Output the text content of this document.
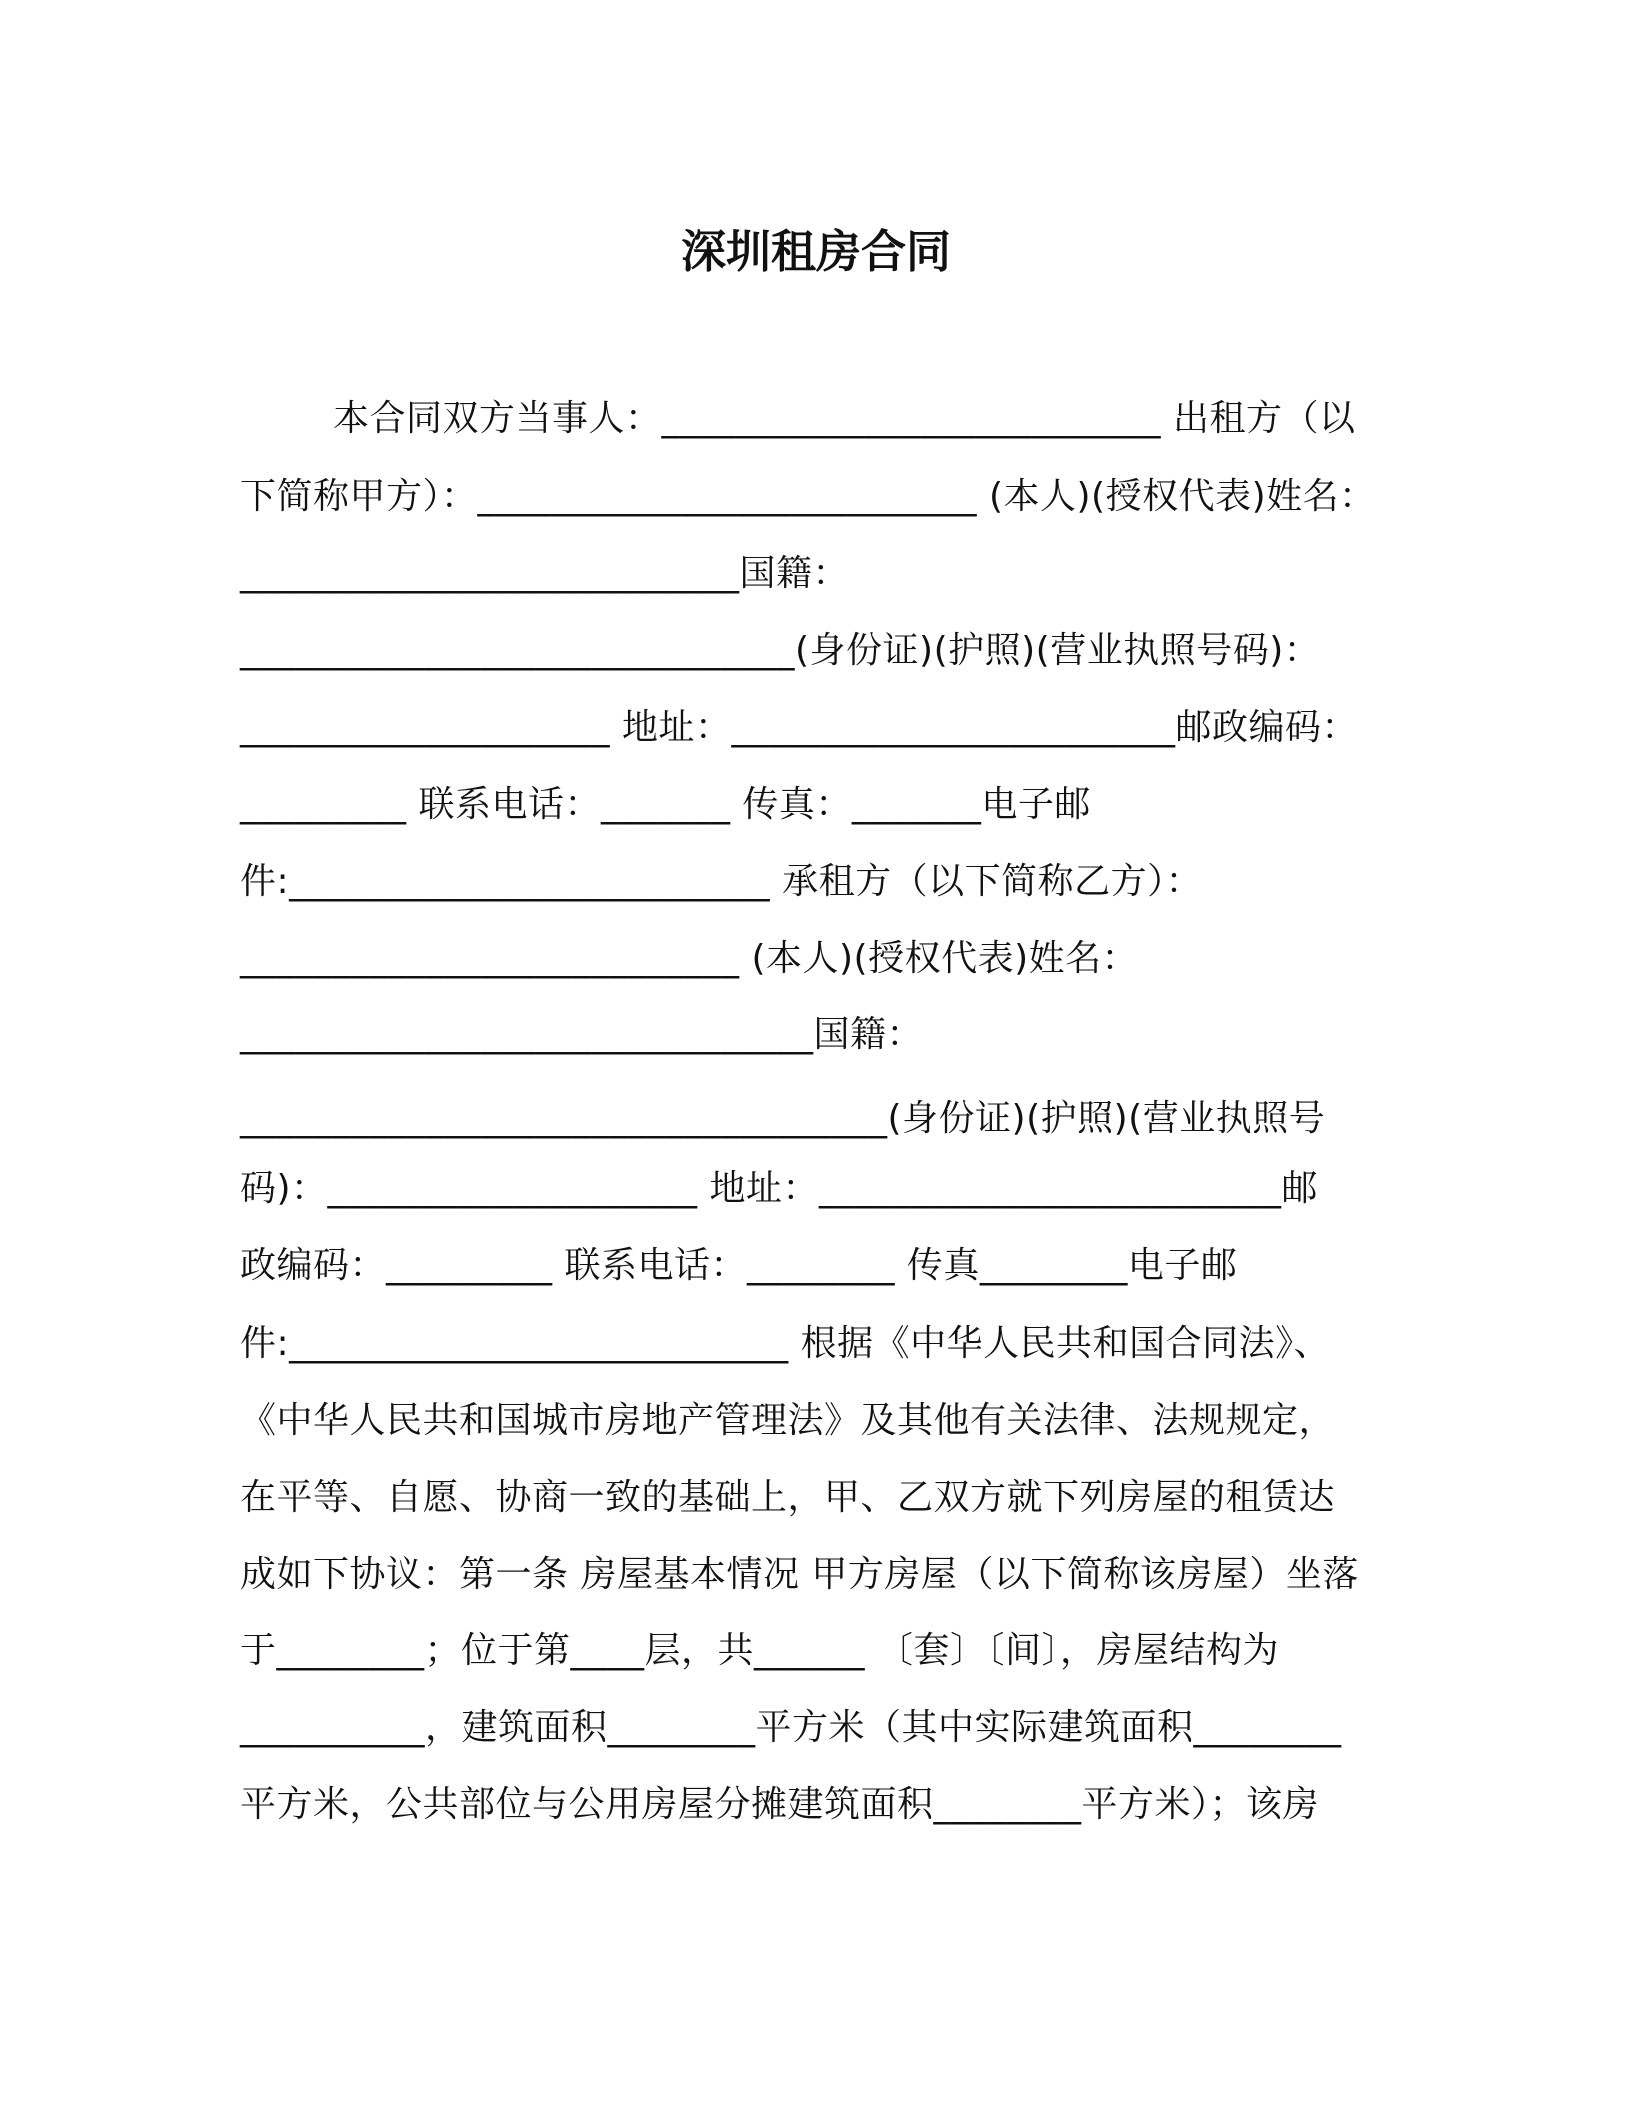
深圳租房合同
本合同双方当事人：___________________________ 出租方（以
下简称甲方）：___________________________ (本人)(授权代表)姓名：
___________________________国籍：
______________________________(身份证)(护照)(营业执照号码)：
____________________ 地址：________________________邮政编码：
_________ 联系电话：_______ 传真：_______电子邮
件:__________________________ 承租方（以下简称乙方）：
___________________________ (本人)(授权代表)姓名：
_______________________________国籍：
___________________________________(身份证)(护照)(营业执照号
码)：____________________ 地址：_________________________邮
政编码：_________ 联系电话：________ 传真________电子邮
件:___________________________ 根据《中华人民共和国合同法》、
《中华人民共和国城市房地产管理法》及其他有关法律、法规规定，
在平等、自愿、协商一致的基础上，甲、乙双方就下列房屋的租赁达
成如下协议：第一条 房屋基本情况 甲方房屋（以下简称该房屋）坐落
于________；位于第____层，共______ 〔套〕〔间〕，房屋结构为
__________，建筑面积________平方米（其中实际建筑面积________
平方米，公共部位与公用房屋分摊建筑面积________平方米）；该房
